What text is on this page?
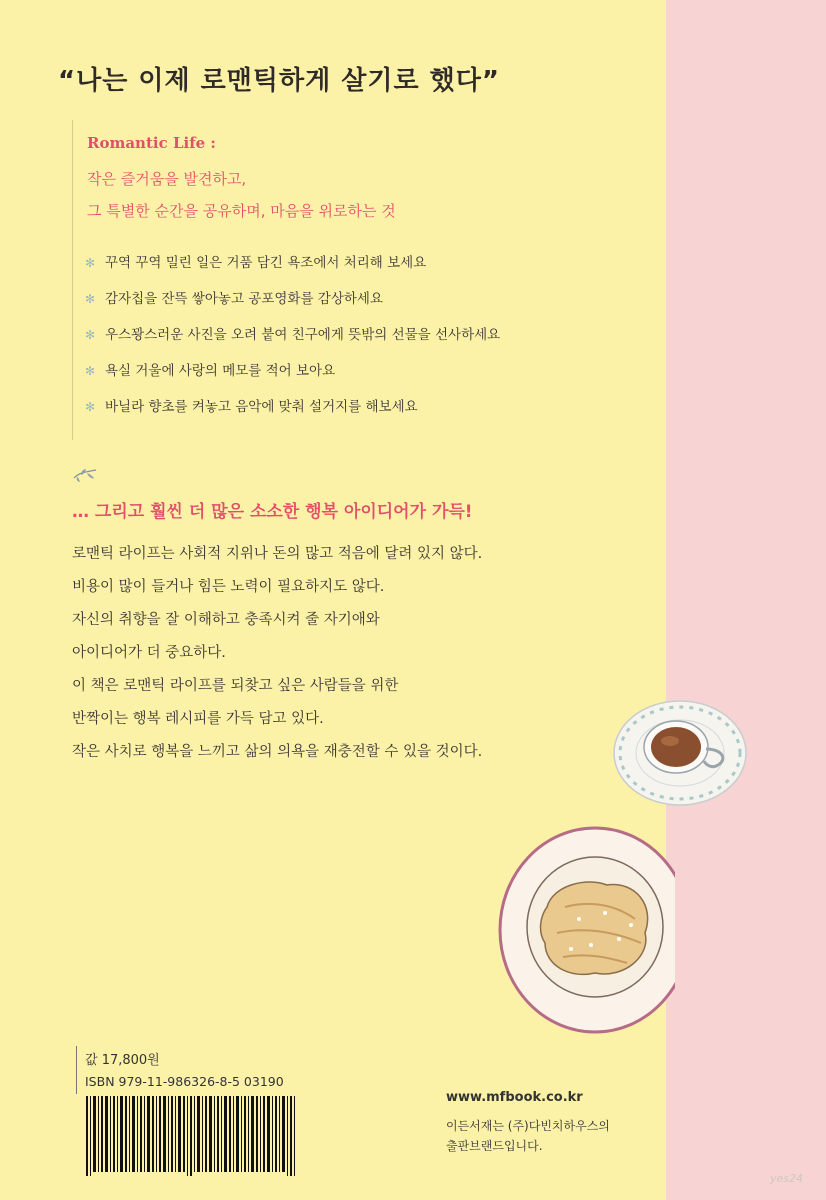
“나는 이제 로맨틱하게 살기로 했다”
Romantic Life :
작은 즐거움을 발견하고,
그 특별한 순간을 공유하며, 마음을 위로하는 것
✻ 꾸역 꾸역 밀린 일은 거품 담긴 욕조에서 처리해 보세요
✻ 감자칩을 잔뜩 쌓아놓고 공포영화를 감상하세요
✻ 우스꽝스러운 사진을 오려 붙여 친구에게 뜻밖의 선물을 선사하세요
✻ 욕실 거울에 사랑의 메모를 적어 보아요
✻ 바닐라 향초를 켜놓고 음악에 맞춰 설거지를 해보세요
… 그리고 훨씬 더 많은 소소한 행복 아이디어가 가득!
로맨틱 라이프는 사회적 지위나 돈의 많고 적음에 달려 있지 않다.
비용이 많이 들거나 힘든 노력이 필요하지도 않다.
자신의 취향을 잘 이해하고 충족시켜 줄 자기애와
아이디어가 더 중요하다.
이 책은 로맨틱 라이프를 되찾고 싶은 사람들을 위한
반짝이는 행복 레시피를 가득 담고 있다.
작은 사치로 행복을 느끼고 삶의 의욕을 재충전할 수 있을 것이다.
값 17,800원
ISBN 979-11-986326-8-5 03190
www.mfbook.co.kr
이든서재는 (주)다빈치하우스의
출판브랜드입니다.
yes24
